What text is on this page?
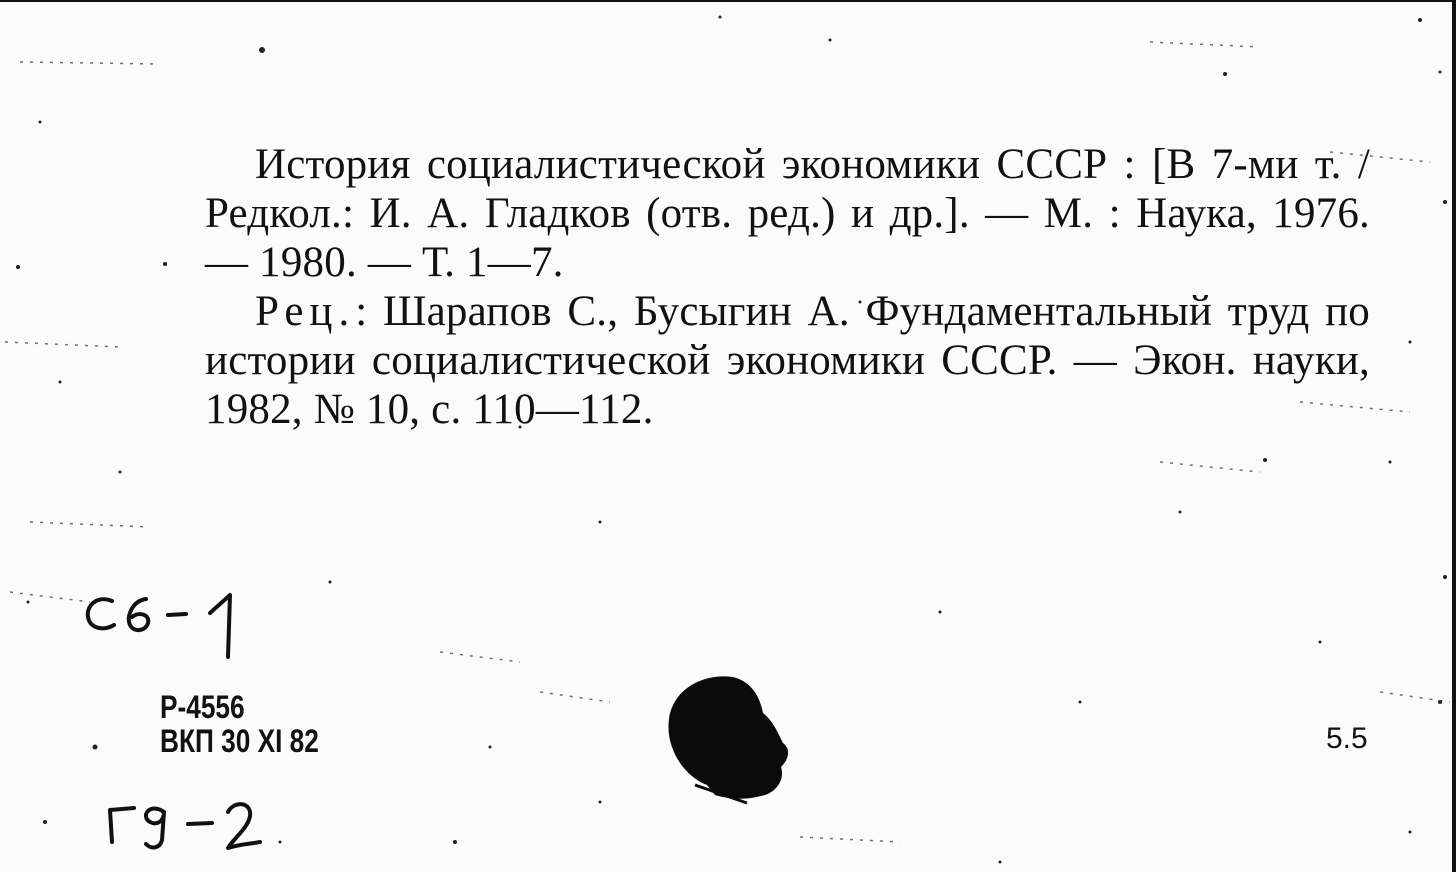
История социалистической экономики СССР : [В 7-ми т. / Редкол.: И. А. Гладков (отв. ред.) и др.]. — М. : Наука, 1976. — 1980. — Т. 1—7.

Рец.: Шарапов С., Бусыгин А. Фундаментальный труд по истории социалистической экономики СССР. — Экон. науки, 1982, № 10, с. 110—112.

Р-4556
ВКП 30 XI 82	5.5
